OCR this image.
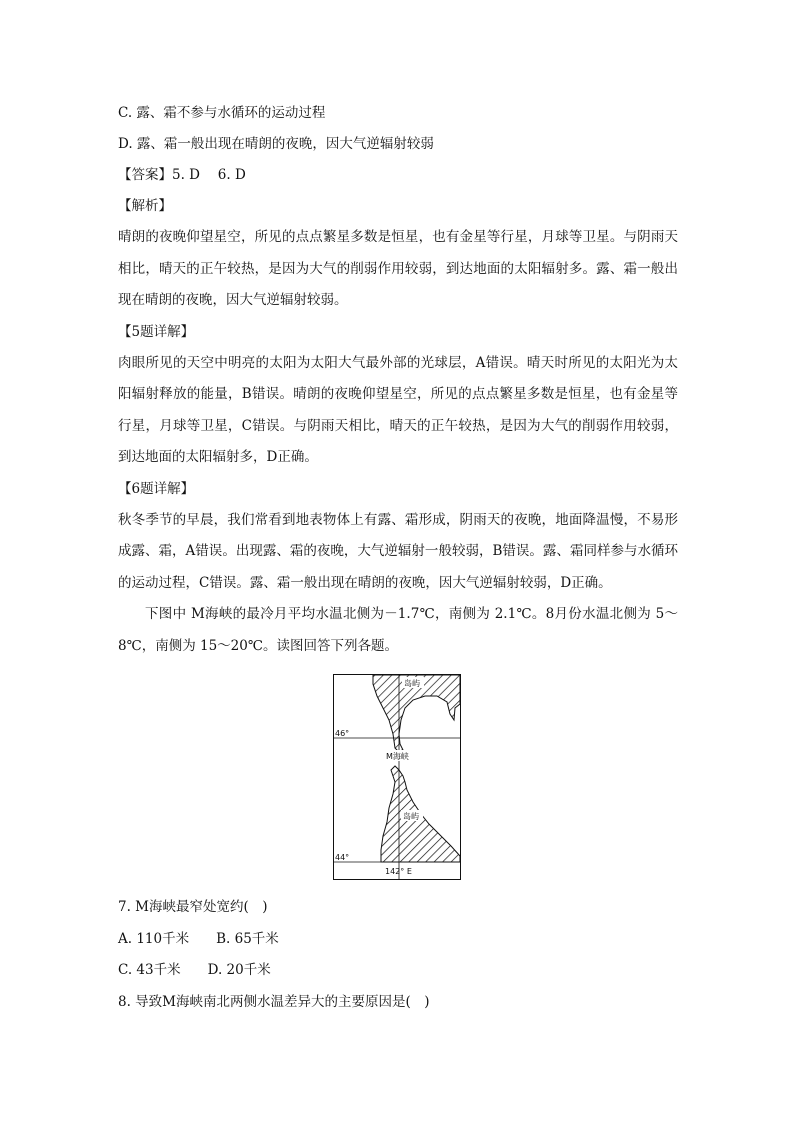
C. 露、霜不参与水循环的运动过程
D. 露、霜一般出现在晴朗的夜晚，因大气逆辐射较弱
【答案】5. D　 6. D
【解析】
晴朗的夜晚仰望星空，所见的点点繁星多数是恒星，也有金星等行星，月球等卫星。与阴雨天相比，晴天的正午较热，是因为大气的削弱作用较弱，到达地面的太阳辐射多。露、霜一般出现在晴朗的夜晚，因大气逆辐射较弱。
【5题详解】
肉眼所见的天空中明亮的太阳为太阳大气最外部的光球层，A错误。晴天时所见的太阳光为太阳辐射释放的能量，B错误。晴朗的夜晚仰望星空，所见的点点繁星多数是恒星，也有金星等行星，月球等卫星，C错误。与阴雨天相比，晴天的正午较热，是因为大气的削弱作用较弱，到达地面的太阳辐射多，D正确。
【6题详解】
秋冬季节的早晨，我们常看到地表物体上有露、霜形成，阴雨天的夜晚，地面降温慢，不易形成露、霜，A错误。出现露、霜的夜晚，大气逆辐射一般较弱，B错误。露、霜同样参与水循环的运动过程，C错误。露、霜一般出现在晴朗的夜晚，因大气逆辐射较弱，D正确。
下图中 M海峡的最冷月平均水温北侧为－1.7℃，南侧为 2.1℃。8月份水温北侧为 5～8℃，南侧为 15～20℃。读图回答下列各题。
岛屿
46°
M海峡
岛屿
44°
142° E
7. M海峡最窄处宽约(　)
A. 110千米　　 B. 65千米
C. 43千米　　 D. 20千米
8. 导致M海峡南北两侧水温差异大的主要原因是(　)
